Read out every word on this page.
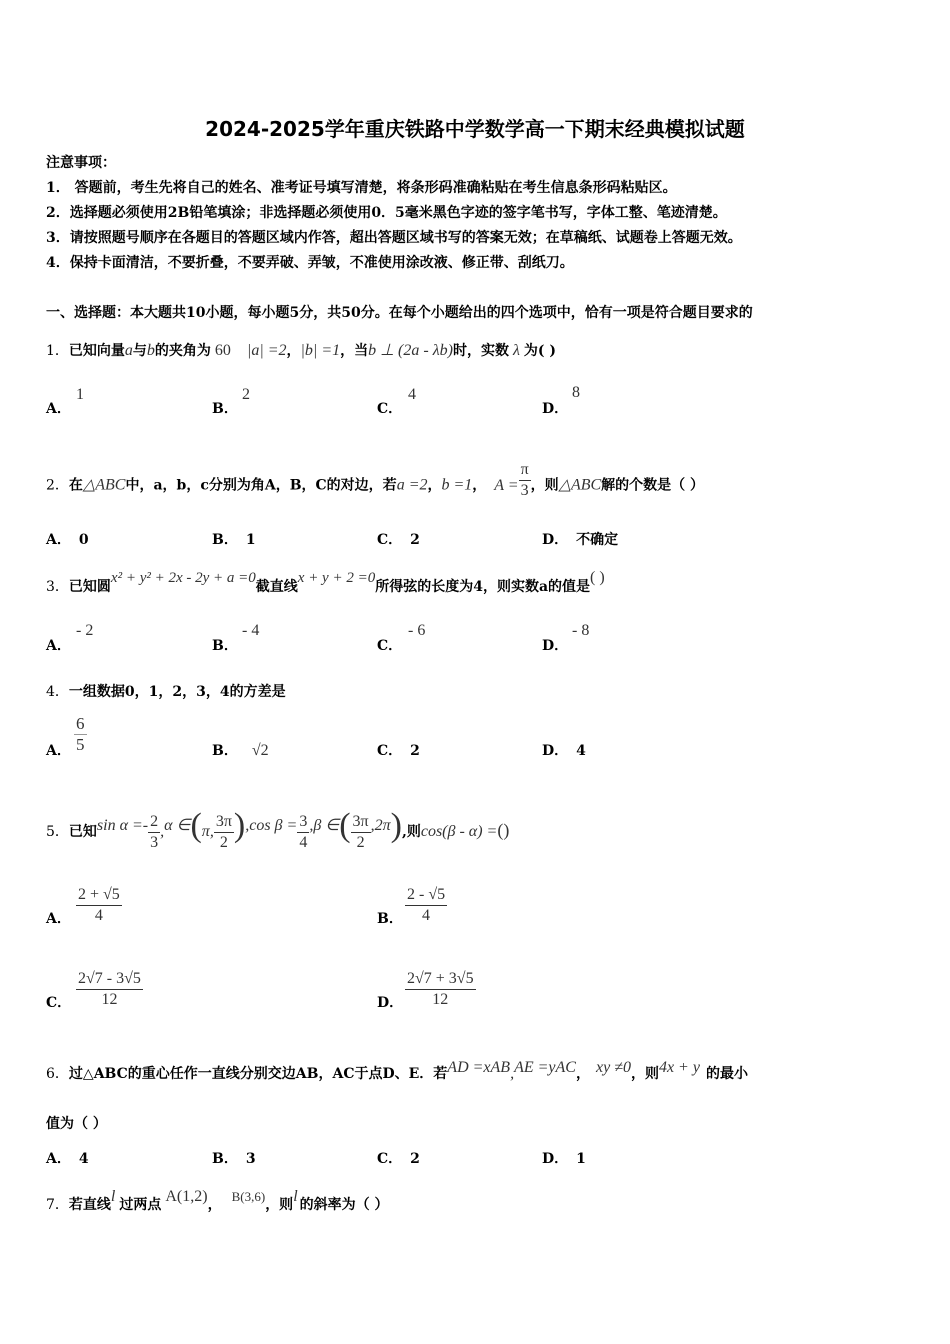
2024-2025学年重庆铁路中学数学高一下期末经典模拟试题
注意事项：
1． 答题前，考生先将自己的姓名、准考证号填写清楚，将条形码准确粘贴在考生信息条形码粘贴区。
2．选择题必须使用2B铅笔填涂；非选择题必须使用0．5毫米黑色字迹的签字笔书写，字体工整、笔迹清楚。
3．请按照题号顺序在各题目的答题区域内作答，超出答题区域书写的答案无效；在草稿纸、试题卷上答题无效。
4．保持卡面清洁，不要折叠，不要弄破、弄皱，不准使用涂改液、修正带、刮纸刀。
一、选择题：本大题共10小题，每小题5分，共50分。在每个小题给出的四个选项中，恰有一项是符合题目要求的
1．已知向量a与b的夹角为 60 |a| =2，|b| =1，当b ⊥ (2a - λb)时，实数 λ 为( )
A．
1
B．
2
C．
4
D．
8
2．在△ABC中，a，b，c分别为角A，B，C的对边，若a =2，b =1， $A = \frac{\pi}{3}$ ，则△ABC解的个数是（ ）
A． 0	B． 1	C． 2	D． 不确定
3．已知圆x² + y² + 2x - 2y + a =0截直线x + y + 2 =0所得弦的长度为4，则实数a的值是( )
A．
- 2
B．
- 4
C．
- 6
D．
- 8
4．一组数据0，1，2，3，4的方差是
A． $\frac{6}{5}$	B． √2	C． 2	D． 4
5．已知$\sin \alpha =- \frac{2}{3} ,\alpha$ ∈(π, $\frac{3\pi}{2} ),\cos$ $\beta = \frac{3}{4} ,\beta$ ∈( $\frac{3\pi}{2} ,2\pi$),则cos(β - α) =()
A． $\frac{2 + √5}{4}$	B． $\frac{2 - √5}{4}$
C． $\frac{2√7 - 3√5}{12}$	D． $\frac{2√7 + 3√5}{12}$
6．过△ABC的重心任作一直线分别交边AB，AC于点D、E．若AD =xAB,AE =yAC， xy ≠0，则4x + y 的最小
值为（ ）
A． 4	B． 3	C． 2	D． 1
7．若直线l 过两点 A(1,2)，B(3,6)，则l 的斜率为（ ）
